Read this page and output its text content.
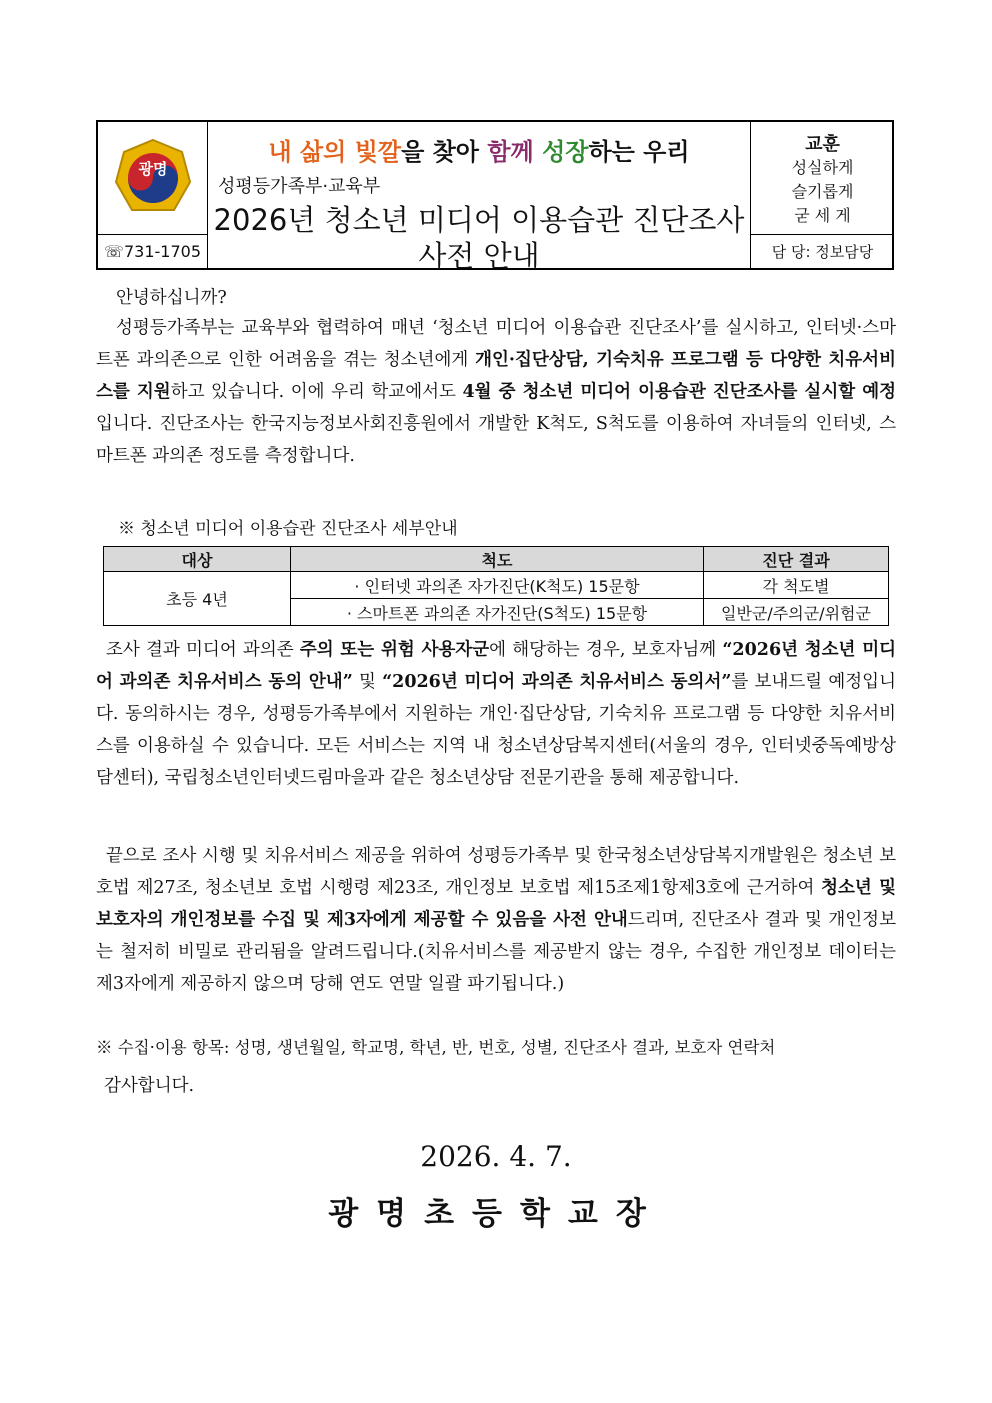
광명
☏731-1705
내 삶의 빛깔을 찾아 함께 성장하는 우리
성평등가족부·교육부
2026년 청소년 미디어 이용습관 진단조사
사전 안내
교훈
성실하게
슬기롭게
굳 세 게
담 당: 정보담당
안녕하십니까?
성평등가족부는 교육부와 협력하여 매년 ‘청소년 미디어 이용습관 진단조사’를 실시하고, 인터넷·스마트폰 과의존으로 인한 어려움을 겪는 청소년에게 개인·집단상담, 기숙치유 프로그램 등 다양한 치유서비스를 지원하고 있습니다. 이에 우리 학교에서도 4월 중 청소년 미디어 이용습관 진단조사를 실시할 예정입니다. 진단조사는 한국지능정보사회진흥원에서 개발한 K척도, S척도를 이용하여 자녀들의 인터넷, 스마트폰 과의존 정도를 측정합니다.
※ 청소년 미디어 이용습관 진단조사 세부안내
대상	척도	진단 결과
초등 4년	· 인터넷 과의존 자가진단(K척도) 15문항	각 척도별
	· 스마트폰 과의존 자가진단(S척도) 15문항	일반군/주의군/위험군
조사 결과 미디어 과의존 주의 또는 위험 사용자군에 해당하는 경우, 보호자님께 “2026년 청소년 미디어 과의존 치유서비스 동의 안내” 및 “2026년 미디어 과의존 치유서비스 동의서”를 보내드릴 예정입니다. 동의하시는 경우, 성평등가족부에서 지원하는 개인·집단상담, 기숙치유 프로그램 등 다양한 치유서비스를 이용하실 수 있습니다. 모든 서비스는 지역 내 청소년상담복지센터(서울의 경우, 인터넷중독예방상담센터), 국립청소년인터넷드림마을과 같은 청소년상담 전문기관을 통해 제공합니다.
끝으로 조사 시행 및 치유서비스 제공을 위하여 성평등가족부 및 한국청소년상담복지개발원은 청소년 보호법 제27조, 청소년보 호법 시행령 제23조, 개인정보 보호법 제15조제1항제3호에 근거하여 청소년 및 보호자의 개인정보를 수집 및 제3자에게 제공할 수 있음을 사전 안내드리며, 진단조사 결과 및 개인정보는 철저히 비밀로 관리됨을 알려드립니다.(치유서비스를 제공받지 않는 경우, 수집한 개인정보 데이터는 제3자에게 제공하지 않으며 당해 연도 연말 일괄 파기됩니다.)
※ 수집·이용 항목: 성명, 생년월일, 학교명, 학년, 반, 번호, 성별, 진단조사 결과, 보호자 연락처
감사합니다.
2026. 4. 7.
광명초등학교장
